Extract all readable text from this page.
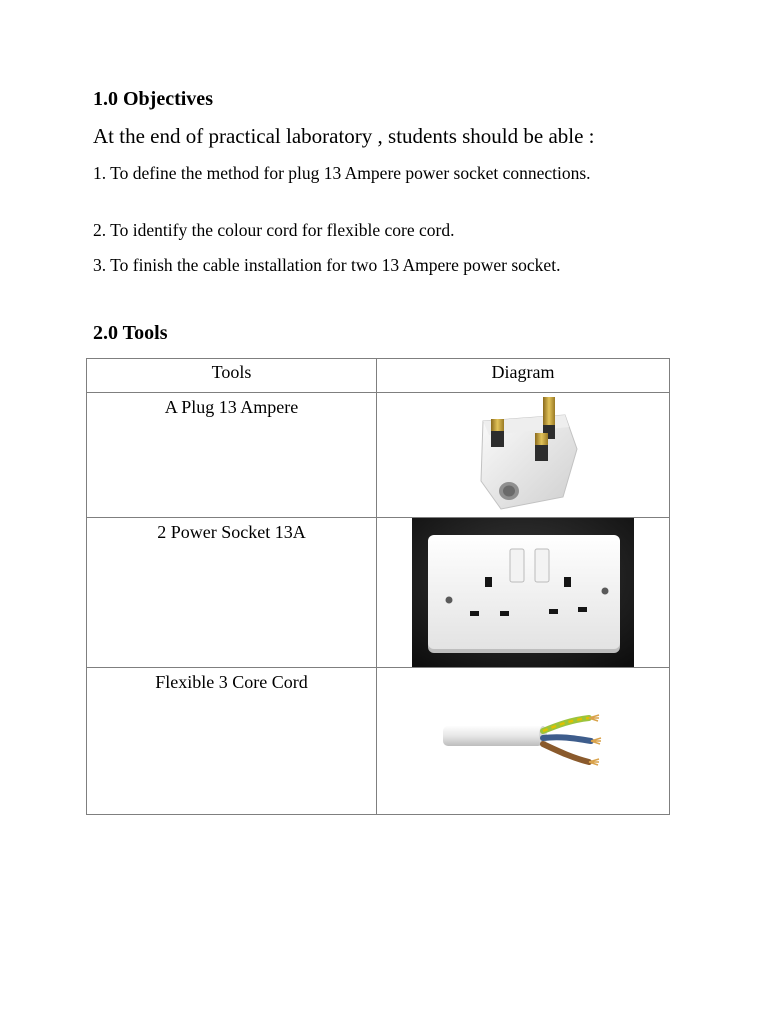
1.0 Objectives

At the end of practical laboratory , students should be able :

1. To define the method for plug 13 Ampere power socket connections.

2. To identify the colour cord for flexible core cord.

3. To finish the cable installation for two 13 Ampere power socket.

2.0 Tools
Tools	Diagram

A Plug 13 Ampere

2 Power Socket 13A

Flexible 3 Core Cord
